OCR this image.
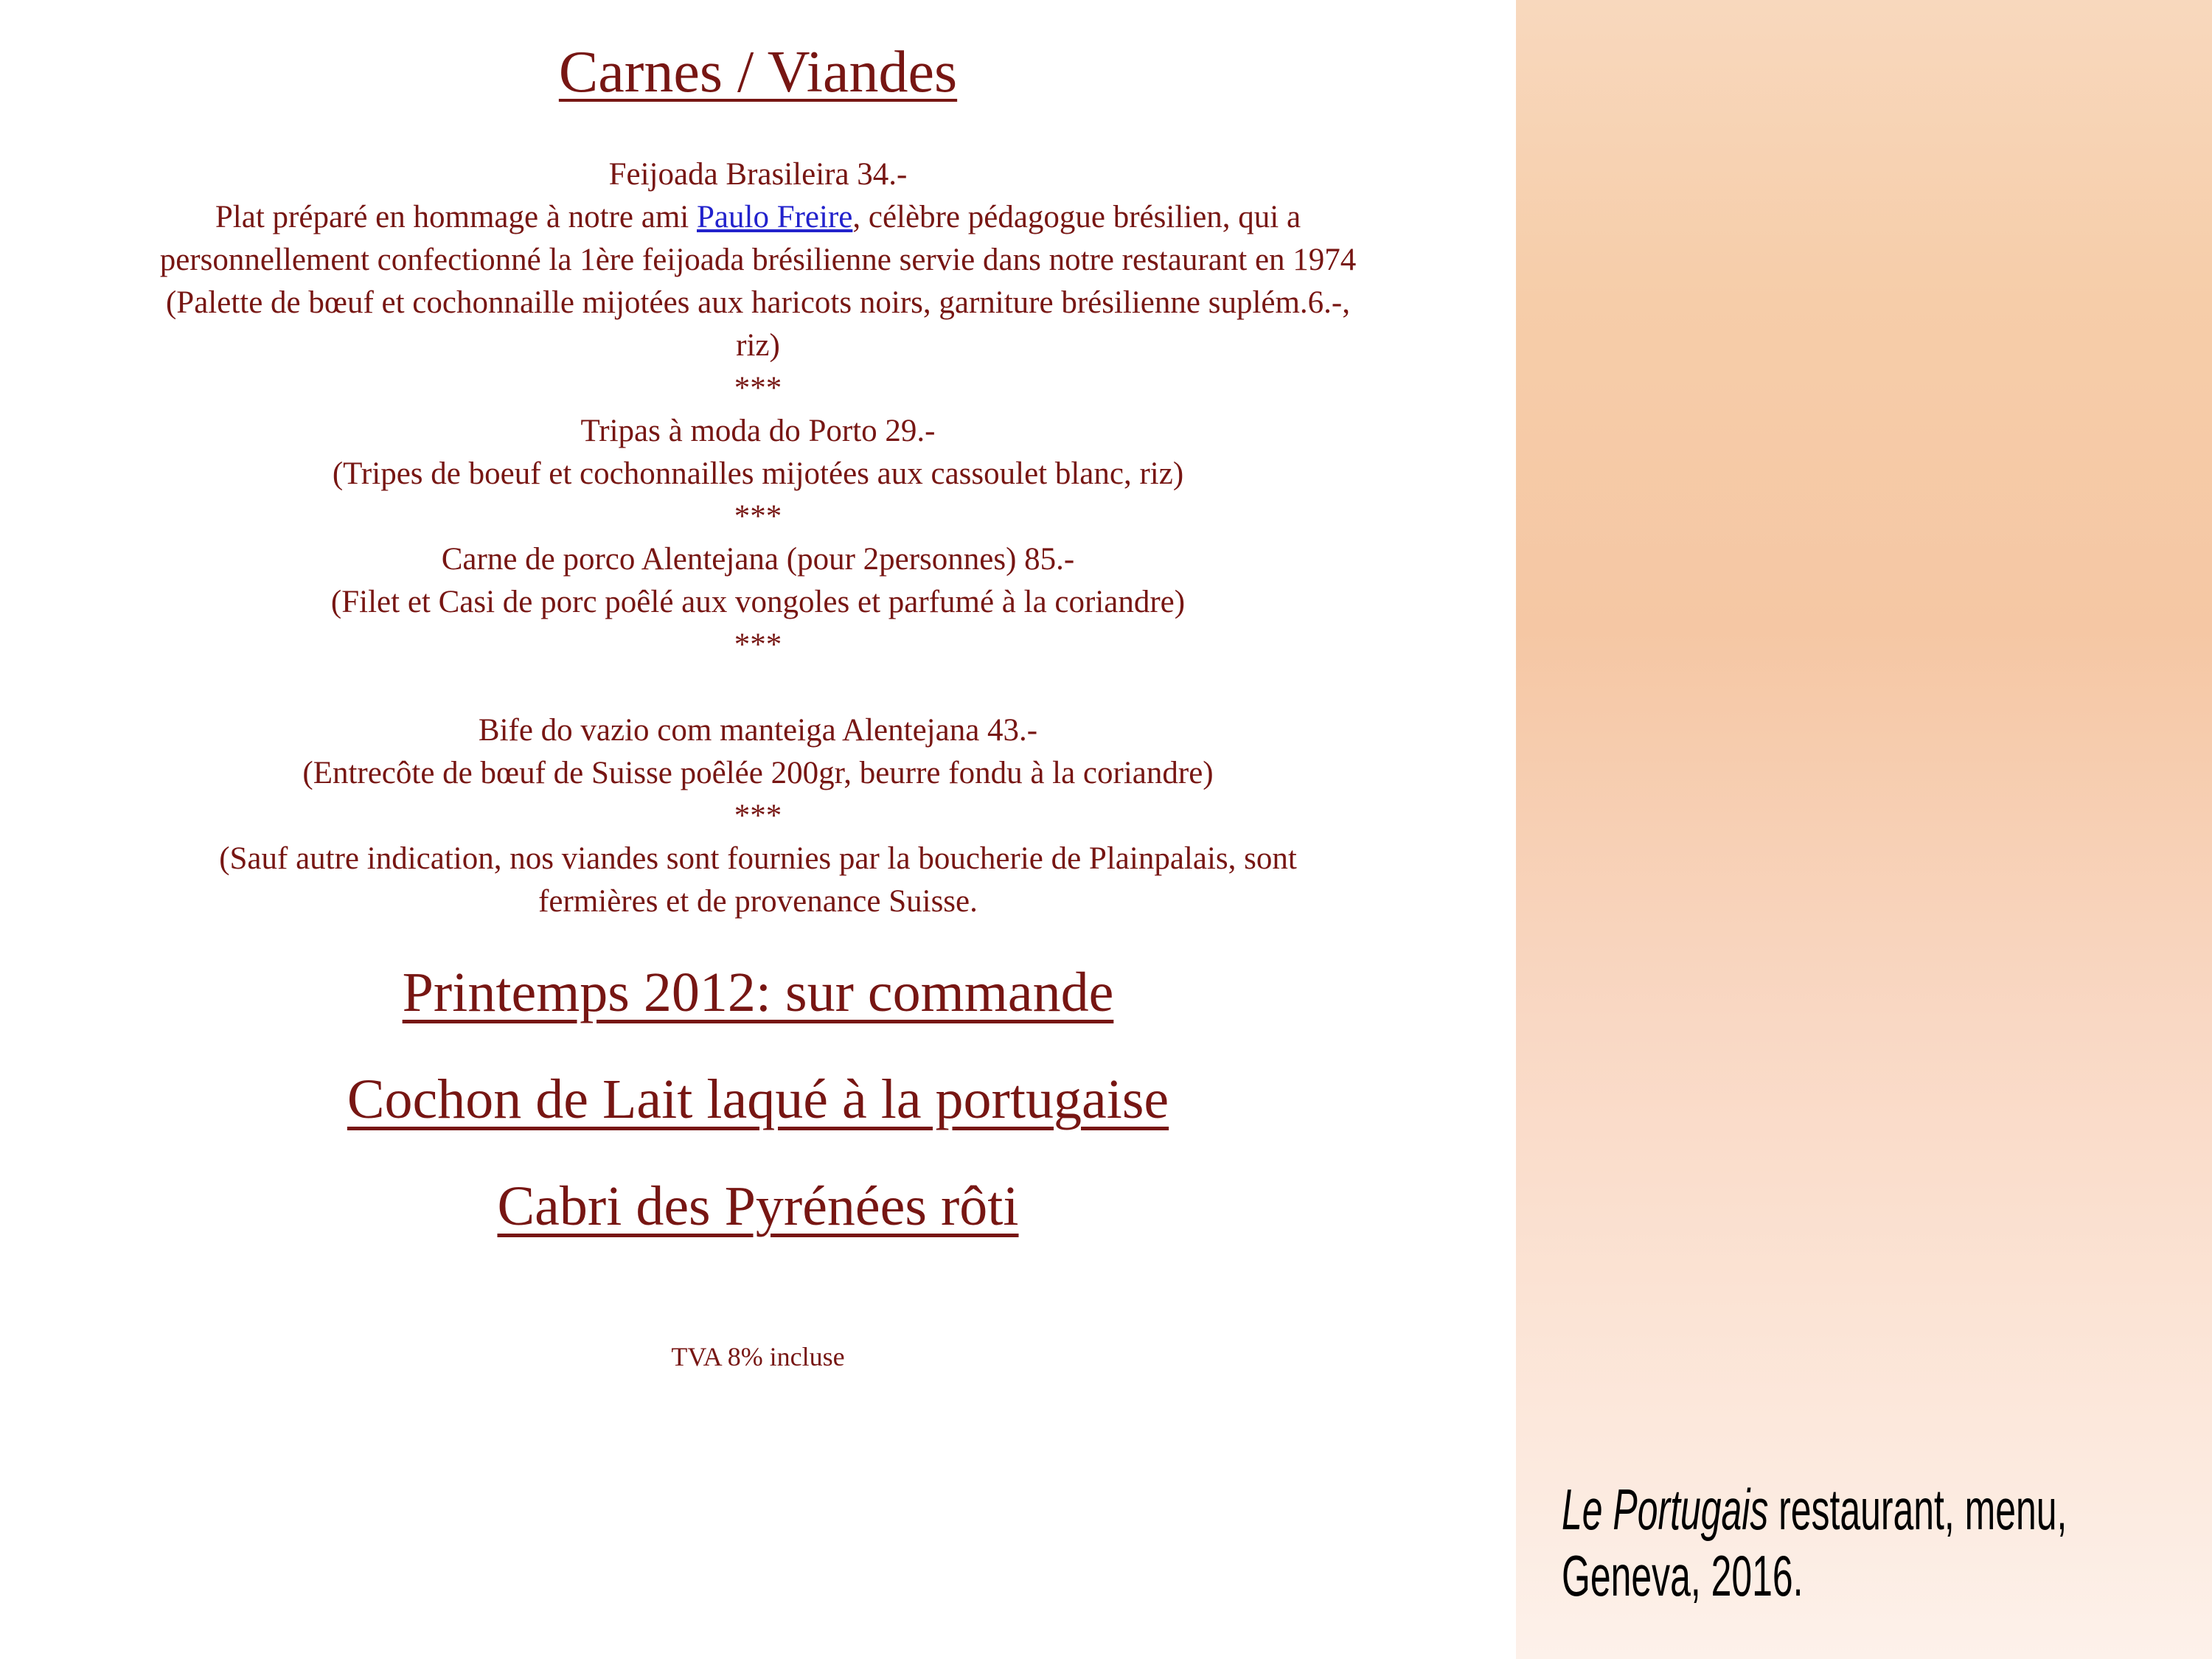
Le Portugais restaurant, menu,
Geneva, 2016.
Carnes / Viandes
Feijoada Brasileira 34.-
Plat préparé en hommage à notre ami Paulo Freire, célèbre pédagogue brésilien, qui a
personnellement confectionné la 1ère feijoada brésilienne servie dans notre restaurant en 1974
(Palette de bœuf et cochonnaille mijotées aux haricots noirs, garniture brésilienne suplém.6.-,
riz)
***
Tripas à moda do Porto 29.-
(Tripes de boeuf et cochonnailles mijotées aux cassoulet blanc, riz)
***
Carne de porco Alentejana (pour 2personnes) 85.-
(Filet et Casi de porc poêlé aux vongoles et parfumé à la coriandre)
***

Bife do vazio com manteiga Alentejana 43.-
(Entrecôte de bœuf de Suisse poêlée 200gr, beurre fondu à la coriandre)
***
(Sauf autre indication, nos viandes sont fournies par la boucherie de Plainpalais, sont
fermières et de provenance Suisse.
Printemps 2012: sur commande
Cochon de Lait laqué à la portugaise
Cabri des Pyrénées rôti
TVA 8% incluse
